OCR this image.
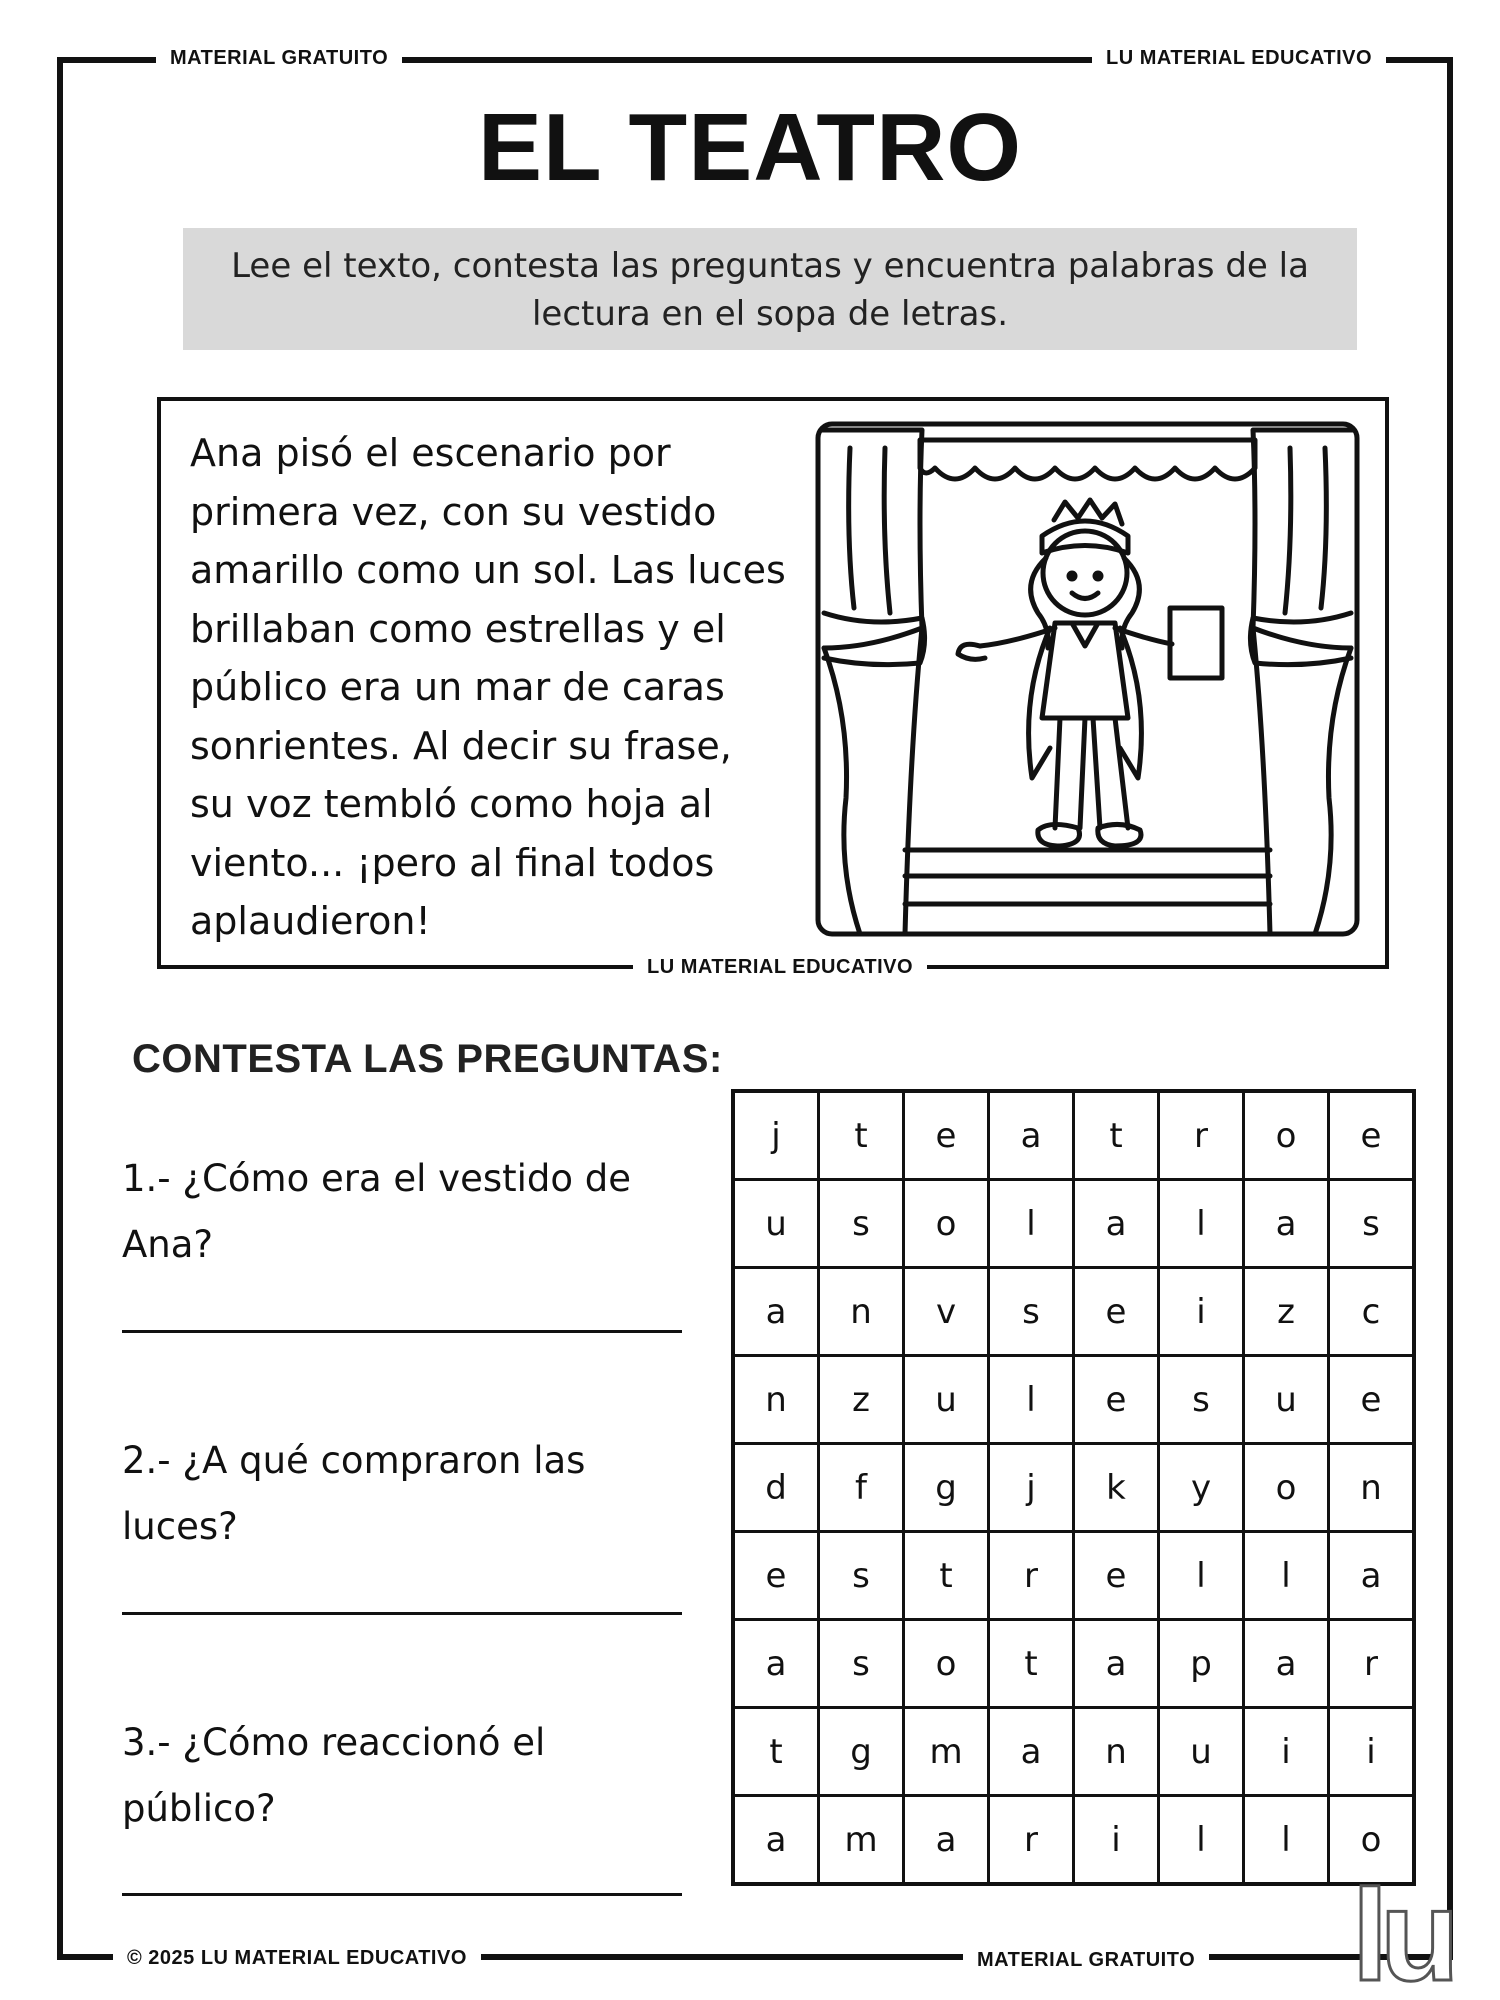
MATERIAL GRATUITO	LU MATERIAL EDUCATIVO
EL TEATRO
Lee el texto, contesta las preguntas y encuentra palabras de la lectura en el sopa de letras.
Ana pisó el escenario por
primera vez, con su vestido
amarillo como un sol. Las luces
brillaban como estrellas y el
público era un mar de caras
sonrientes. Al decir su frase,
su voz tembló como hoja al
viento... ¡pero al final todos
aplaudieron!
LU MATERIAL EDUCATIVO
CONTESTA LAS PREGUNTAS:
1.- ¿Cómo era el vestido de
Ana?
2.- ¿A qué compraron las
luces?
3.- ¿Cómo reaccionó el
público?
j	t	e	a	t	r	o	e
u	s	o	l	a	l	a	s
a	n	v	s	e	i	z	c
n	z	u	l	e	s	u	e
d	f	g	j	k	y	o	n
e	s	t	r	e	l	l	a
a	s	o	t	a	p	a	r
t	g	m	a	n	u	i	i
a	m	a	r	i	l	l	o
© 2025 LU MATERIAL EDUCATIVO	MATERIAL GRATUITO lu
